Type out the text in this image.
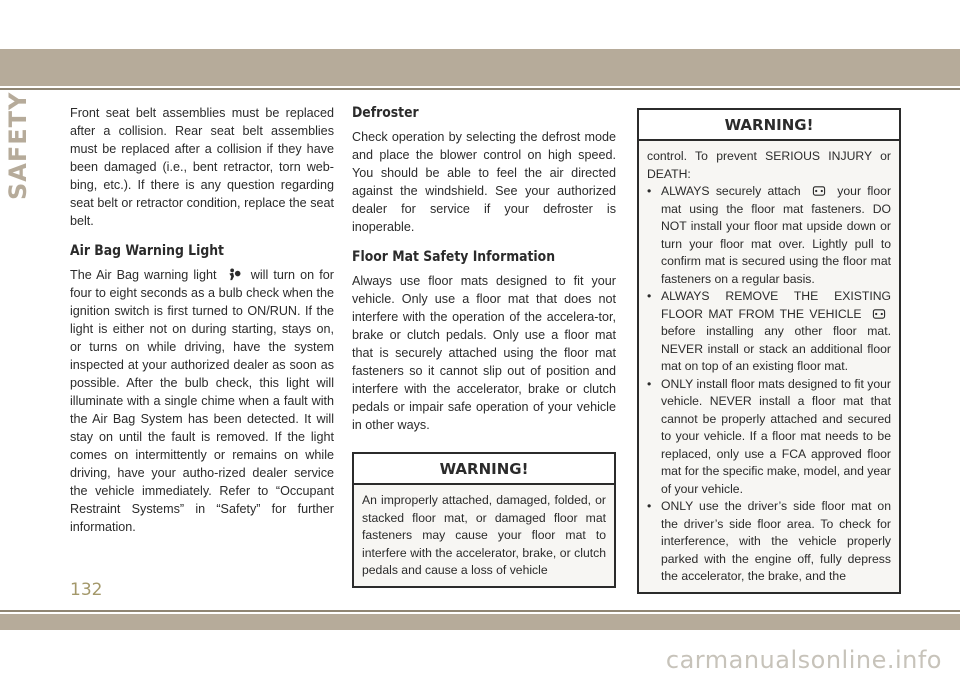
SAFETY	Front seat belt assemblies must be replaced after a collision. Rear seat belt assemblies must be replaced after a collision if they have been damaged (i.e., bent retractor, torn web-bing, etc.). If there is any question regarding seat belt or retractor condition, replace the seat belt.

Air Bag Warning Light

The Air Bag warning light	will turn on for four to eight seconds as a bulb check when the ignition switch is first turned to ON/RUN. If the light is either not on during starting, stays on, or turns on while driving, have the system inspected at your authorized dealer as soon as possible. After the bulb check, this light will illuminate with a single chime when a fault with the Air Bag System has been detected. It will stay on until the fault is removed. If the light comes on intermittently or remains on while driving, have your autho-rized dealer service the vehicle immediately. Refer to “Occupant Restraint Systems” in “Safety” for further information.

Defroster

Check operation by selecting the defrost mode and place the blower control on high speed. You should be able to feel the air directed against the windshield. See your authorized dealer for service if your defroster is inoperable.

Floor Mat Safety Information

Always use floor mats designed to fit your vehicle. Only use a floor mat that does not interfere with the operation of the accelera-tor, brake or clutch pedals. Only use a floor mat that is securely attached using the floor mat fasteners so it cannot slip out of position and interfere with the accelerator, brake or clutch pedals or impair safe operation of your vehicle in other ways.

WARNING!

An improperly attached, damaged, folded, or stacked floor mat, or damaged floor mat fasteners may cause your floor mat to interfere with the accelerator, brake, or clutch pedals and cause a loss of vehicle

WARNING!

control. To prevent SERIOUS INJURY or DEATH:

• ALWAYS securely attach	your floor mat using the floor mat fasteners. DO NOT install your floor mat upside down or turn your floor mat over. Lightly pull to confirm mat is secured using the floor mat fasteners on a regular basis.
• ALWAYS REMOVE THE EXISTING FLOOR MAT FROM THE VEHICLE  before installing any other floor mat. NEVER install or stack an additional floor mat on top of an existing floor mat.
• ONLY install floor mats designed to fit your vehicle. NEVER install a floor mat that cannot be properly attached and secured to your vehicle. If a floor mat needs to be replaced, only use a FCA approved floor mat for the specific make, model, and year of your vehicle.
• ONLY use the driver’s side floor mat on the driver’s side floor area. To check for interference, with the vehicle properly parked with the engine off, fully depress the accelerator, the brake, and the
132
carmanualsonline.info
